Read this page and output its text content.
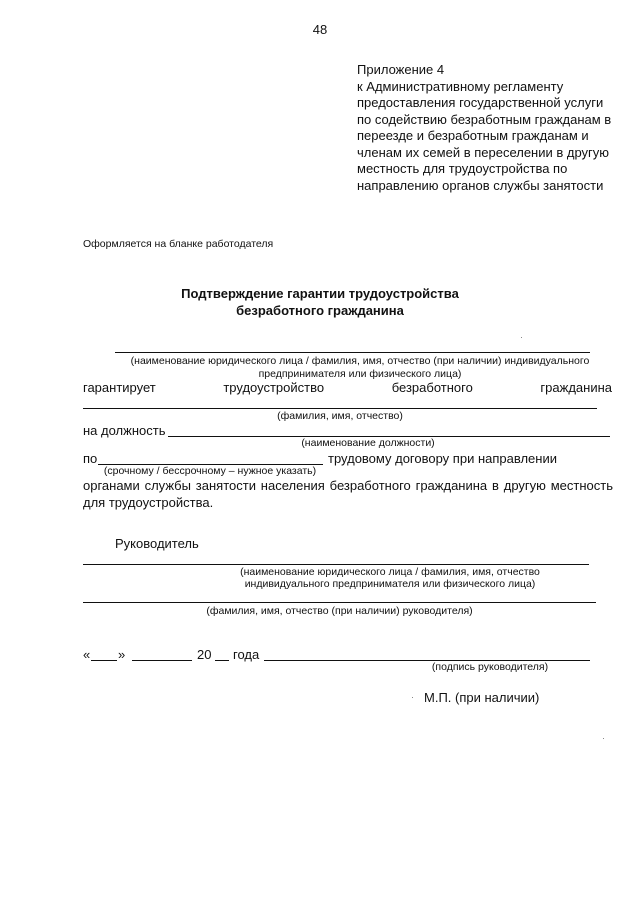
48
Приложение 4
к Административному регламенту
предоставления государственной услуги
по содействию безработным гражданам в
переезде и безработным гражданам и
членам их семей в переселении в другую
местность для трудоустройства по
направлению органов службы занятости
Оформляется на бланке работодателя
Подтверждение гарантии трудоустройства
безработного гражданина
(наименование юридического лица / фамилия, имя, отчество (при наличии) индивидуального
предпринимателя или физического лица)
гарантирует	трудоустройство	безработного	гражданина
(фамилия, имя, отчество)
на должность
(наименование должности)
по	трудовому договору при направлении
(срочному / бессрочному – нужное указать)
органами службы занятости населения безработного гражданина в другую местность для трудоустройства.
Руководитель
(наименование юридического лица / фамилия, имя, отчество
индивидуального предпринимателя или физического лица)
(фамилия, имя, отчество (при наличии) руководителя)
« »	20 года
(подпись руководителя)
М.П. (при наличии)
